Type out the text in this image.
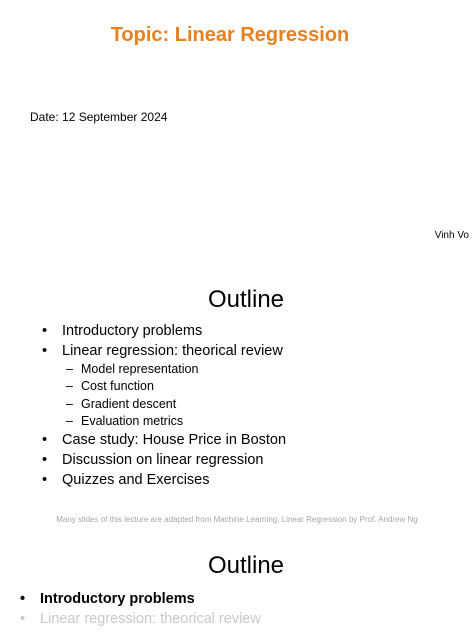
Topic: Linear Regression
Date: 12 September 2024
Vinh Vo
Outline
• Introductory problems
• Linear regression: theorical review
– Model representation
– Cost function
– Gradient descent
– Evaluation metrics
• Case study: House Price in Boston
• Discussion on linear regression
• Quizzes and Exercises
Many slides of this lecture are adapted from Machine Learning, Linear Regression by Prof. Andrew Ng
Outline
• Introductory problems
• Linear regression: theorical review
